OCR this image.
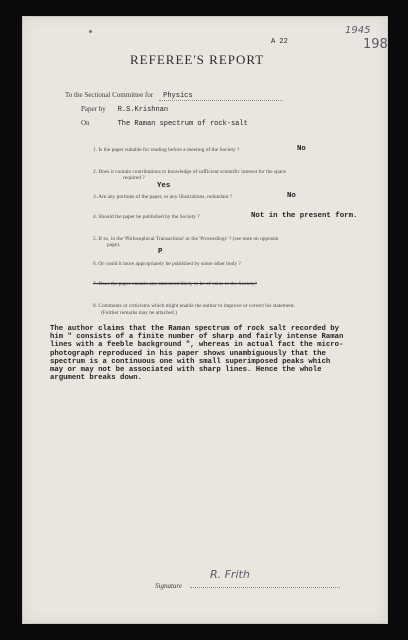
1945
198
A 22
REFEREE'S REPORT
To the Sectional Committee for Physics
Paper by R.S.Krishnan
On	The Raman spectrum of rock-salt
1. Is the paper suitable for reading before a meeting of the Society ?	No
2. Does it contain contributions to knowledge of sufficient scientific interest for the space
required ?
Yes
3. Are any portions of the paper, or any illustrations, redundant ?	No
4. Should the paper be published by the Society ?	Not in the present form.
5. If so, in the 'Philosophical Transactions' or the 'Proceedings' ? (see note on opposite
page).
P
6. Or could it more appropriately be published by some other body ?
7. Does the paper contain any statement likely to be of value to the Society?
8. Comments or criticisms which might enable the author to improve or correct his statement.
(Further remarks may be attached.)
The author claims that the Raman spectrum of rock salt recorded by
him " consists of a finite number of sharp and fairly intense Raman
lines with a feeble background ", whereas in actual fact the micro-
photograph reproduced in his paper shows unambiguously that the
spectrum is a continuous one with small superimposed peaks which
may or may not be associated with sharp lines. Hence the whole
argument breaks down.
Signature
R. Frith
